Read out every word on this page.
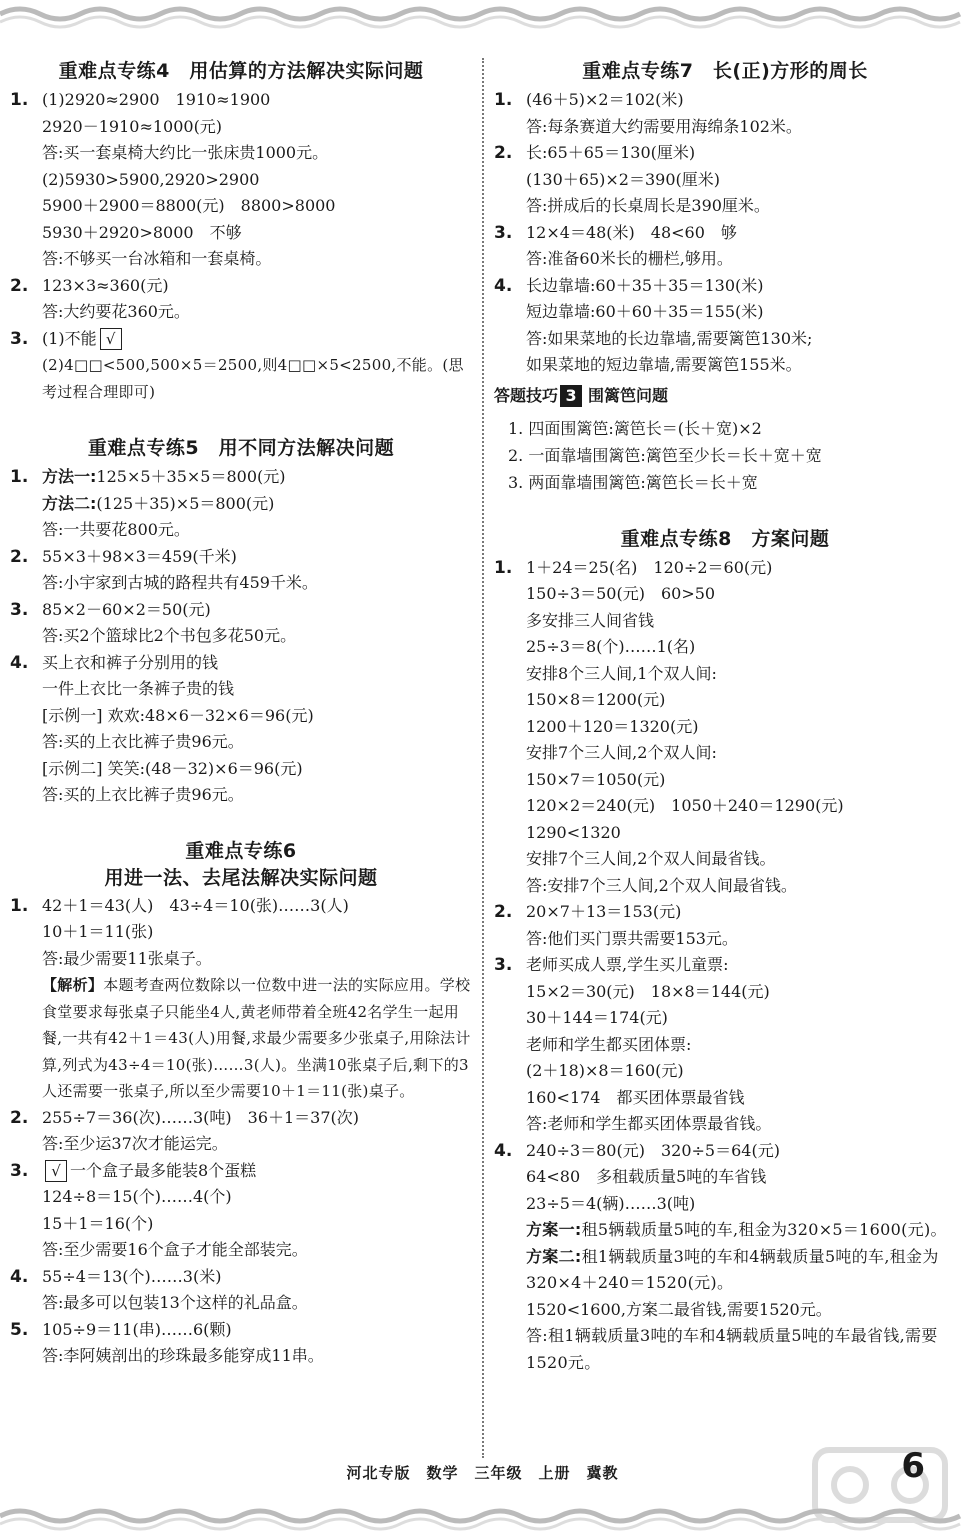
重难点专练4　用估算的方法解决实际问题
1. (1)2920≈2900　1910≈1900
2920－1910≈1000(元)
答:买一套桌椅大约比一张床贵1000元。
(2)5930>5900,2920>2900
5900＋2900＝8800(元)　8800>8000
5930＋2920>8000　不够
答:不够买一台冰箱和一套桌椅。
2. 123×3≈360(元)
答:大约要花360元。
3. (1)不能 √
(2)4□□<500,500×5＝2500,则4□□×5<2500,不能。(思考过程合理即可)
重难点专练5　用不同方法解决问题
1. 方法一:125×5＋35×5＝800(元)
方法二:(125＋35)×5＝800(元)
答:一共要花800元。
2. 55×3＋98×3＝459(千米)
答:小宇家到古城的路程共有459千米。
3. 85×2－60×2＝50(元)
答:买2个篮球比2个书包多花50元。
4. 买上衣和裤子分别用的钱
一件上衣比一条裤子贵的钱
[示例一] 欢欢:48×6－32×6＝96(元)
答:买的上衣比裤子贵96元。
[示例二] 笑笑:(48－32)×6＝96(元)
答:买的上衣比裤子贵96元。
重难点专练6
用进一法、去尾法解决实际问题
1. 42＋1＝43(人)　43÷4＝10(张)……3(人)
10＋1＝11(张)
答:最少需要11张桌子。
【解析】本题考查两位数除以一位数中进一法的实际应用。学校食堂要求每张桌子只能坐4人,黄老师带着全班42名学生一起用餐,一共有42＋1＝43(人)用餐,求最少需要多少张桌子,用除法计算,列式为43÷4＝10(张)……3(人)。坐满10张桌子后,剩下的3人还需要一张桌子,所以至少需要10＋1＝11(张)桌子。
2. 255÷7＝36(次)……3(吨)　36＋1＝37(次)
答:至少运37次才能运完。
3. √ 一个盒子最多能装8个蛋糕
124÷8＝15(个)……4(个)
15＋1＝16(个)
答:至少需要16个盒子才能全部装完。
4. 55÷4＝13(个)……3(米)
答:最多可以包装13个这样的礼品盒。
5. 105÷9＝11(串)……6(颗)
答:李阿姨剖出的珍珠最多能穿成11串。
重难点专练7　长(正)方形的周长
1. (46＋5)×2＝102(米)
答:每条赛道大约需要用海绵条102米。
2. 长:65＋65＝130(厘米)
(130＋65)×2＝390(厘米)
答:拼成后的长桌周长是390厘米。
3. 12×4＝48(米)　48<60　够
答:准备60米长的栅栏,够用。
4. 长边靠墙:60＋35＋35＝130(米)
短边靠墙:60＋60＋35＝155(米)
答:如果菜地的长边靠墙,需要篱笆130米;
如果菜地的短边靠墙,需要篱笆155米。
答题技巧 3 围篱笆问题
1. 四面围篱笆:篱笆长＝(长＋宽)×2
2. 一面靠墙围篱笆:篱笆至少长＝长＋宽＋宽
3. 两面靠墙围篱笆:篱笆长＝长＋宽
重难点专练8　方案问题
1. 1＋24＝25(名)　120÷2＝60(元)
150÷3＝50(元)　60>50
多安排三人间省钱
25÷3＝8(个)……1(名)
安排8个三人间,1个双人间:
150×8＝1200(元)
1200＋120＝1320(元)
安排7个三人间,2个双人间:
150×7＝1050(元)
120×2＝240(元)　1050＋240＝1290(元)
1290<1320
安排7个三人间,2个双人间最省钱。
答:安排7个三人间,2个双人间最省钱。
2. 20×7＋13＝153(元)
答:他们买门票共需要153元。
3. 老师买成人票,学生买儿童票:
15×2＝30(元)　18×8＝144(元)
30＋144＝174(元)
老师和学生都买团体票:
(2＋18)×8＝160(元)
160<174　都买团体票最省钱
答:老师和学生都买团体票最省钱。
4. 240÷3＝80(元)　320÷5＝64(元)
64<80　多租载质量5吨的车省钱
23÷5＝4(辆)……3(吨)
方案一:租5辆载质量5吨的车,租金为320×5＝1600(元)。
方案二:租1辆载质量3吨的车和4辆载质量5吨的车,租金为320×4＋240＝1520(元)。
1520<1600,方案二最省钱,需要1520元。
答:租1辆载质量3吨的车和4辆载质量5吨的车最省钱,需要1520元。
河北专版　数学　三年级　上册　冀教	6
